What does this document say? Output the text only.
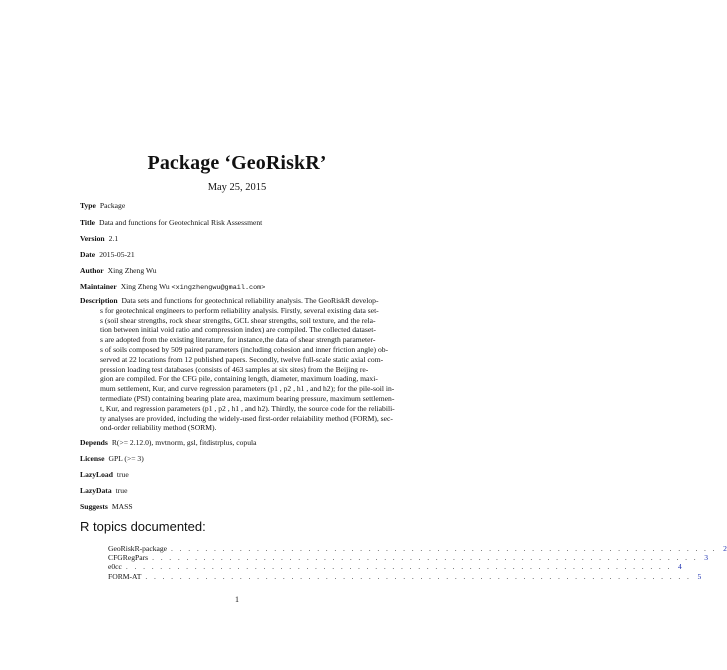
Package ‘GeoRiskR’
May 25, 2015
Type Package
Title Data and functions for Geotechnical Risk Assessment
Version 2.1
Date 2015-05-21
Author Xing Zheng Wu
Maintainer Xing Zheng Wu <xingzhengwu@gmail.com>
Description Data sets and functions for geotechnical reliability analysis. The GeoRiskR develop-
s for geotechnical engineers to perform reliability analysis. Firstly, several existing data set-
s (soil shear strengths, rock shear strengths, GCL shear strengths, soil texture, and the rela-
tion between initial void ratio and compression index) are compiled. The collected dataset-
s are adopted from the existing literature, for instance,the data of shear strength parameter-
s of soils composed by 509 paired parameters (including cohesion and inner friction angle) ob-
served at 22 locations from 12 published papers. Secondly, twelve full-scale static axial com-
pression loading test databases (consists of 463 samples at six sites) from the Beijing re-
gion are compiled. For the CFG pile, containing length, diameter, maximum loading, maxi-
mum settlement, Kur, and curve regression parameters (p1 , p2 , h1 , and h2); for the pile-soil in-
termediate (PSI) containing bearing plate area, maximum bearing pressure, maximum settlemen-
t, Kur, and regression parameters (p1 , p2 , h1 , and h2). Thirdly, the source code for the reliabili-
ty analyses are provided, including the widely-used first-order relaiability method (FORM), sec-
ond-order reliability method (SORM).
Depends R(>= 2.12.0), mvtnorm, gsl, fitdistrplus, copula
License GPL (>= 3)
LazyLoad true
LazyData true
Suggests MASS
R topics documented:
GeoRiskR-package . . . . . . . . . . . . . . . . . . . . . . . . . . . . . . . . . . . . . . . . . . . . . . . . . . . . . . . . . . . . . . . . 2
CFGRegPars . . . . . . . . . . . . . . . . . . . . . . . . . . . . . . . . . . . . . . . . . . . . . . . . . . . . . . . . . . . . . . . . 3
e0cc . . . . . . . . . . . . . . . . . . . . . . . . . . . . . . . . . . . . . . . . . . . . . . . . . . . . . . . . . . . . . . . . 4
FORM-AT . . . . . . . . . . . . . . . . . . . . . . . . . . . . . . . . . . . . . . . . . . . . . . . . . . . . . . . . . . . . . . . . 5
1
